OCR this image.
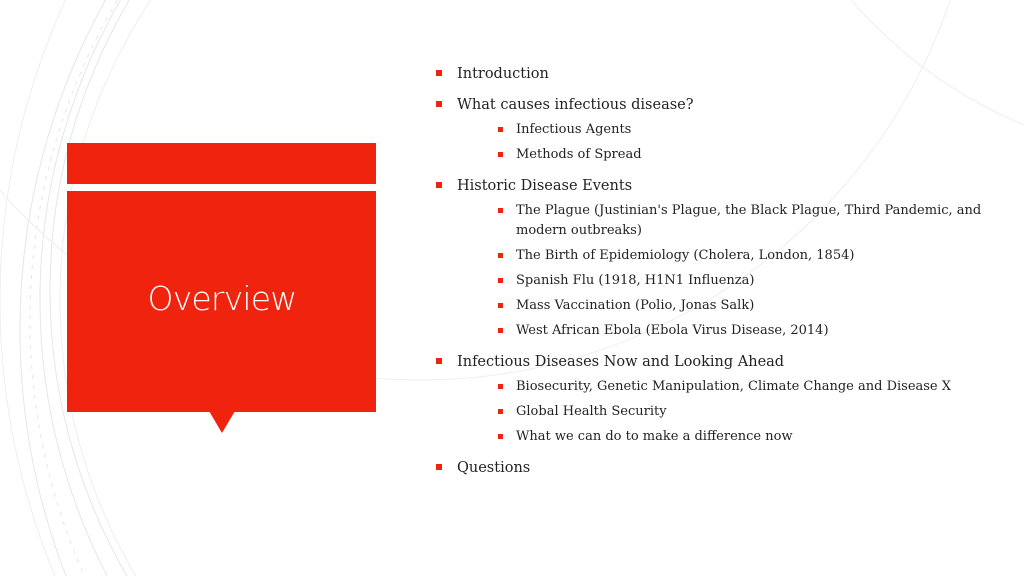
Overview
Introduction
What causes infectious disease?
Infectious Agents
Methods of Spread
Historic Disease Events
The Plague (Justinian's Plague, the Black Plague, Third Pandemic, and modern outbreaks)
The Birth of Epidemiology (Cholera, London, 1854)
Spanish Flu (1918, H1N1 Influenza)
Mass Vaccination (Polio, Jonas Salk)
West African Ebola (Ebola Virus Disease, 2014)
Infectious Diseases Now and Looking Ahead
Biosecurity, Genetic Manipulation, Climate Change and Disease X
Global Health Security
What we can do to make a difference now
Questions
